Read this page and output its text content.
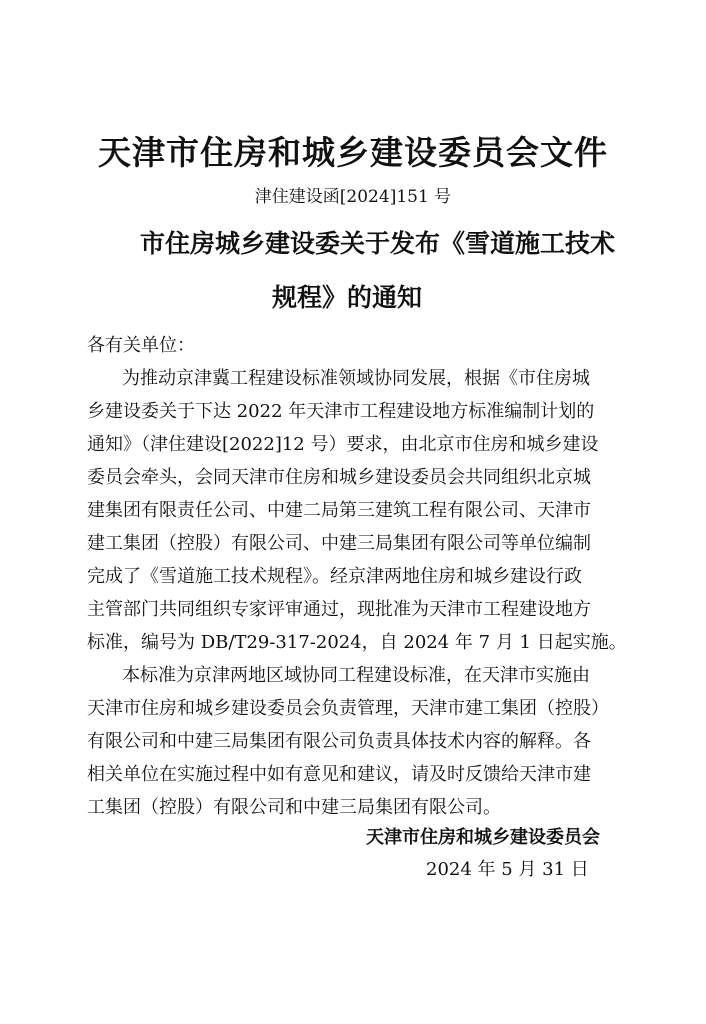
天津市住房和城乡建设委员会文件
津住建设函[2024]151 号
市住房城乡建设委关于发布《雪道施工技术
规程》的通知
各有关单位：
为推动京津冀工程建设标准领域协同发展，根据《市住房城
乡建设委关于下达 2022 年天津市工程建设地方标准编制计划的
通知》（津住建设[2022]12 号）要求，由北京市住房和城乡建设
委员会牵头，会同天津市住房和城乡建设委员会共同组织北京城
建集团有限责任公司、中建二局第三建筑工程有限公司、天津市
建工集团（控股）有限公司、中建三局集团有限公司等单位编制
完成了《雪道施工技术规程》。经京津两地住房和城乡建设行政
主管部门共同组织专家评审通过，现批准为天津市工程建设地方
标准，编号为 DB/T29-317-2024，自 2024 年 7 月 1 日起实施。
本标准为京津两地区域协同工程建设标准，在天津市实施由
天津市住房和城乡建设委员会负责管理，天津市建工集团（控股）
有限公司和中建三局集团有限公司负责具体技术内容的解释。各
相关单位在实施过程中如有意见和建议，请及时反馈给天津市建
工集团（控股）有限公司和中建三局集团有限公司。
天津市住房和城乡建设委员会
2024 年 5 月 31 日
